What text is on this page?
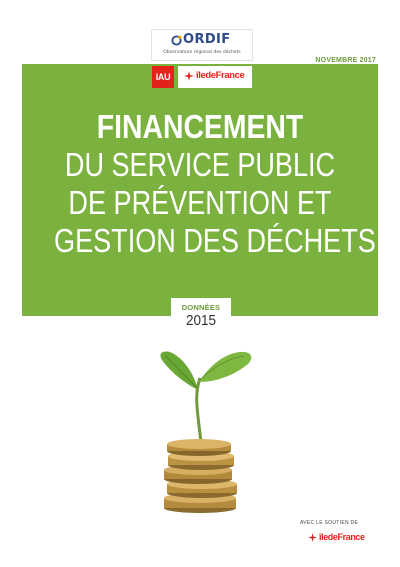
ORDIF
Observatoire régional des déchets
NOVEMBRE 2017
IAU	îledeFrance
FINANCEMENT
DU SERVICE PUBLIC
DE PRÉVENTION ET
GESTION DES DÉCHETS
DONNÉES
2015
AVEC LE SOUTIEN DE
îledeFrance
